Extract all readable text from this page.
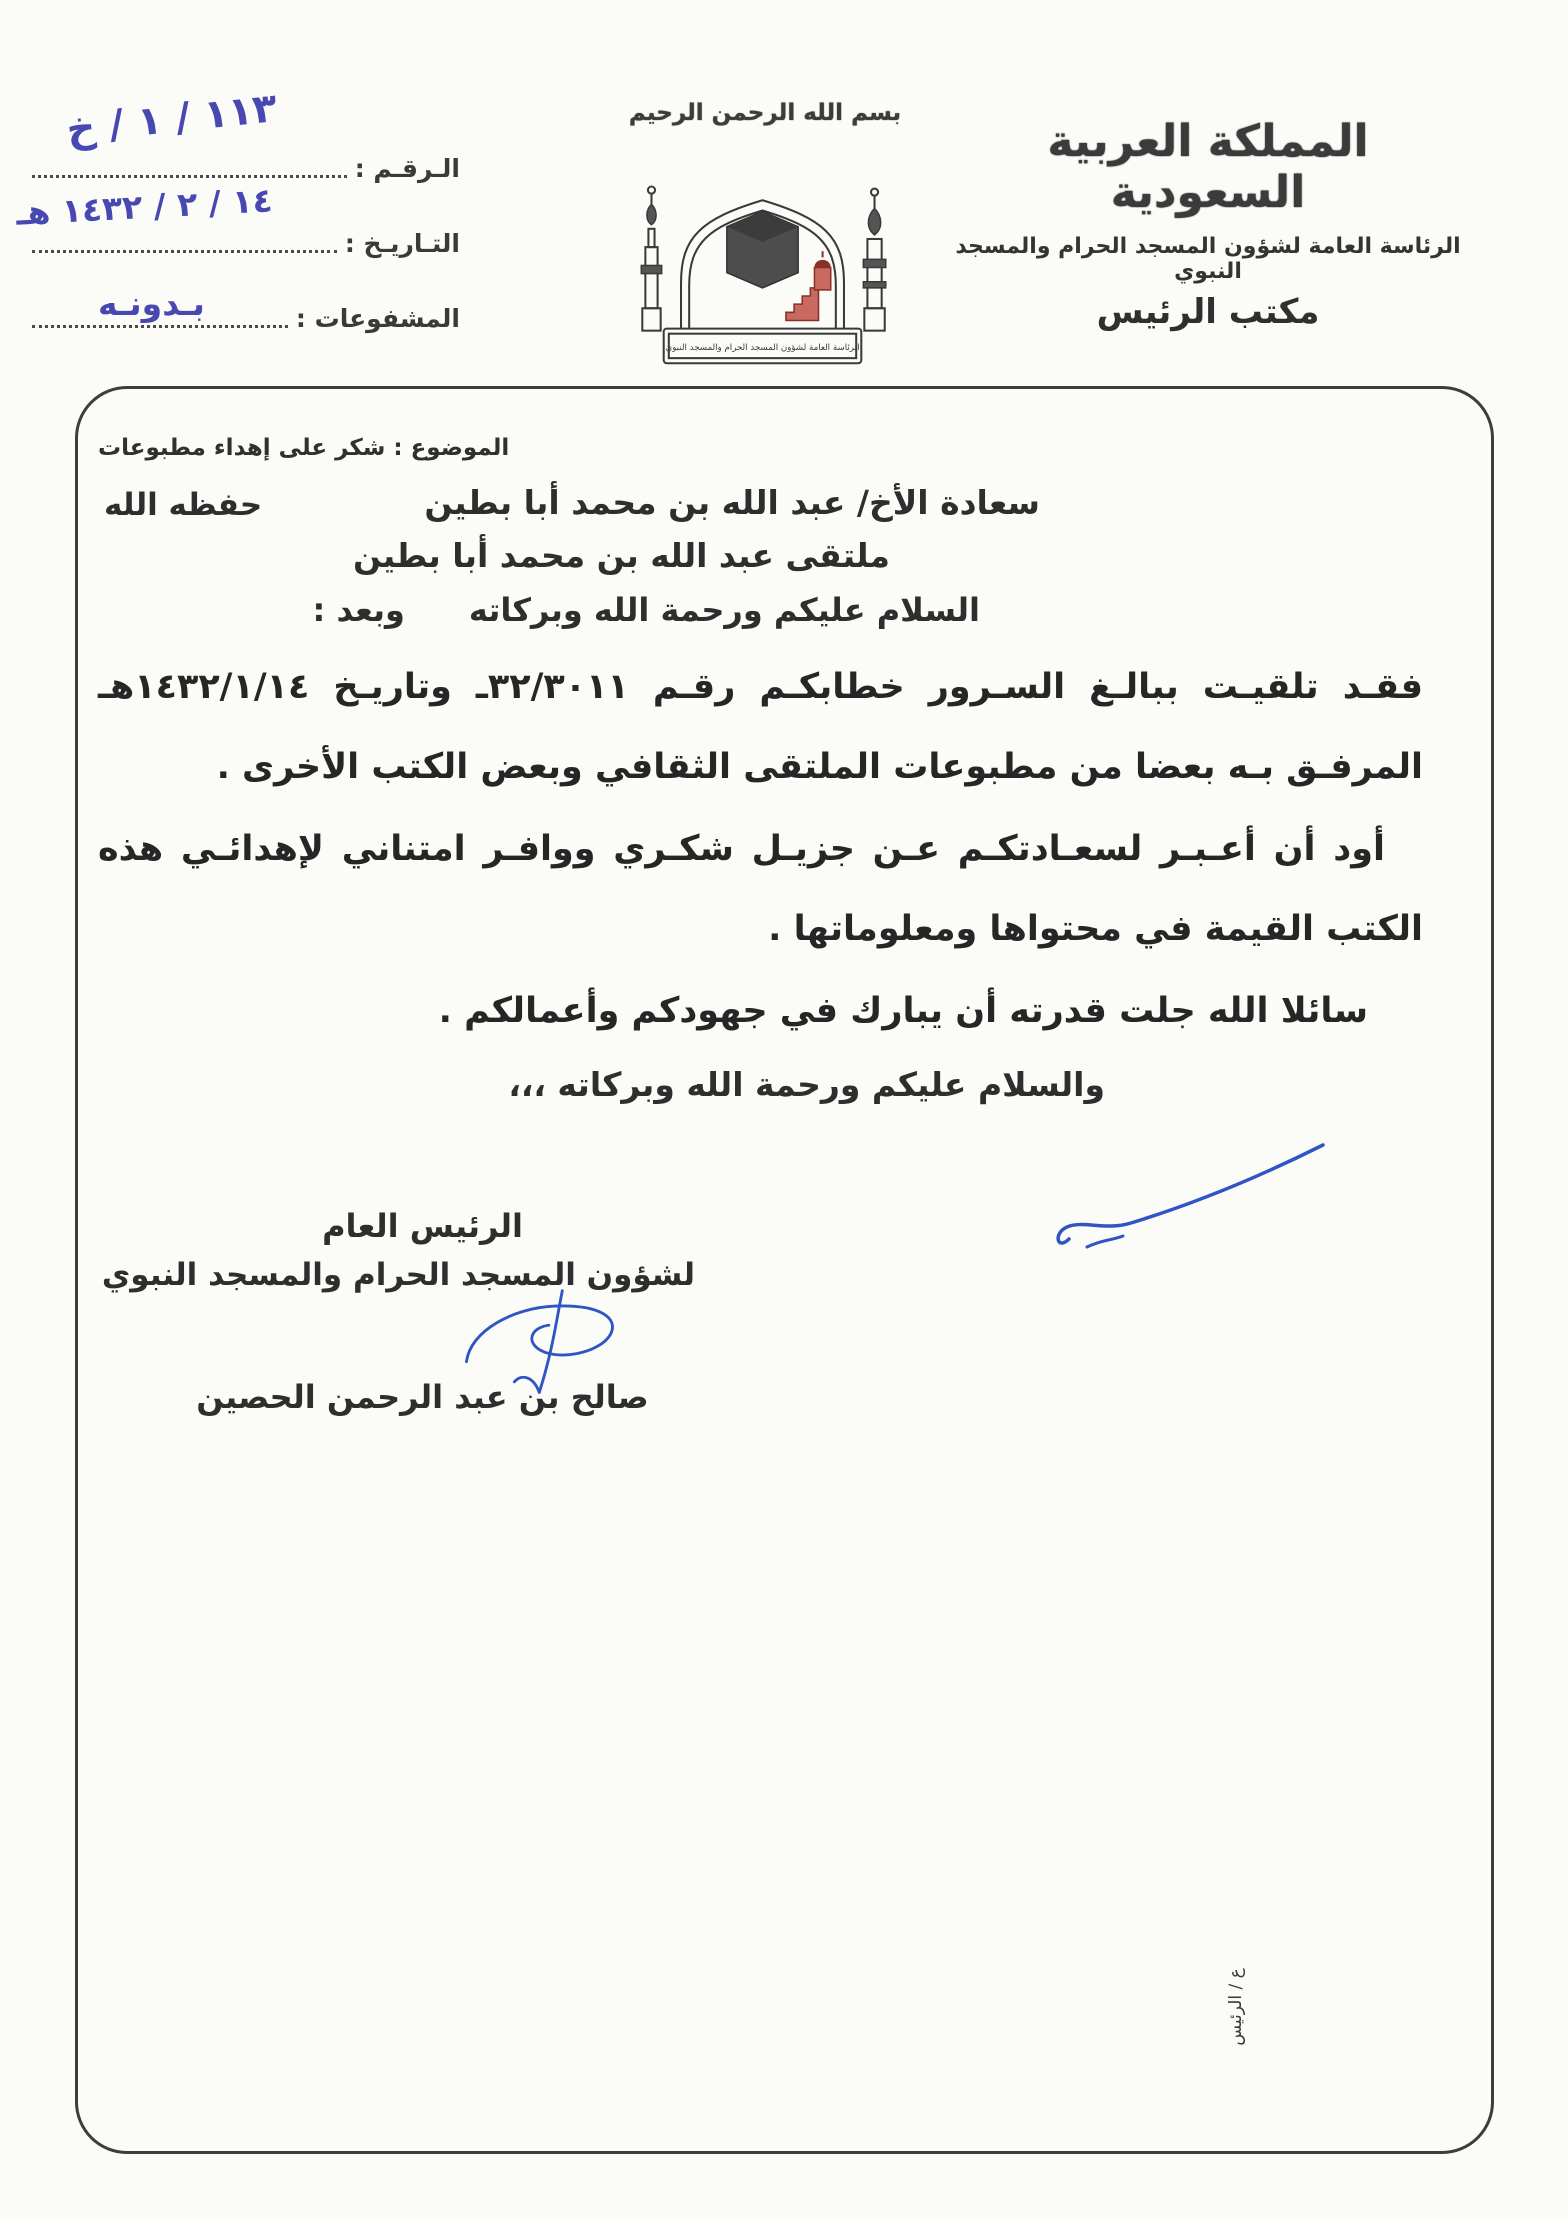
الـرقـم :
١١٣ / ١ / خ
التـاريـخ :
١٤ / ٢ / ١٤٣٢ هـ
المشفوعات :
بـدونـه
بسم الله الرحمن الرحيم
الرئاسة العامة لشؤون المسجد الحرام والمسجد النبوي
المملكة العربية السعودية
الرئاسة العامة لشؤون المسجد الحرام والمسجد النبوي
مكتب الرئيس
الموضوع : شكر على إهداء مطبوعات
سعادة الأخ/ عبد الله بن محمد أبا بطين
حفظه الله
ملتقى عبد الله بن محمد أبا بطين
السلام عليكم ورحمة الله وبركاته
وبعد :

فقـد تلقيـت ببالـغ السـرور خطابكـم رقـم ٣٢/٣٠١١ـ وتاريـخ ١٤٣٢/١/١٤هـ المرفـق بـه بعضا من مطبوعات الملتقى الثقافي وبعض الكتب الأخرى .

أود أن أعـبـر لسعـادتكـم عـن جزيـل شكـري ووافـر امتناني لإهدائـي هذه الكتب القيمة في محتواها ومعلوماتها .

سائلا الله جلت قدرته أن يبارك في جهودكم وأعمالكم .

والسلام عليكم ورحمة الله وبركاته ،،،
الرئيس العام
لشؤون المسجد الحرام والمسجد النبوي
صالح بن عبد الرحمن الحصين
ع / الرئيس
